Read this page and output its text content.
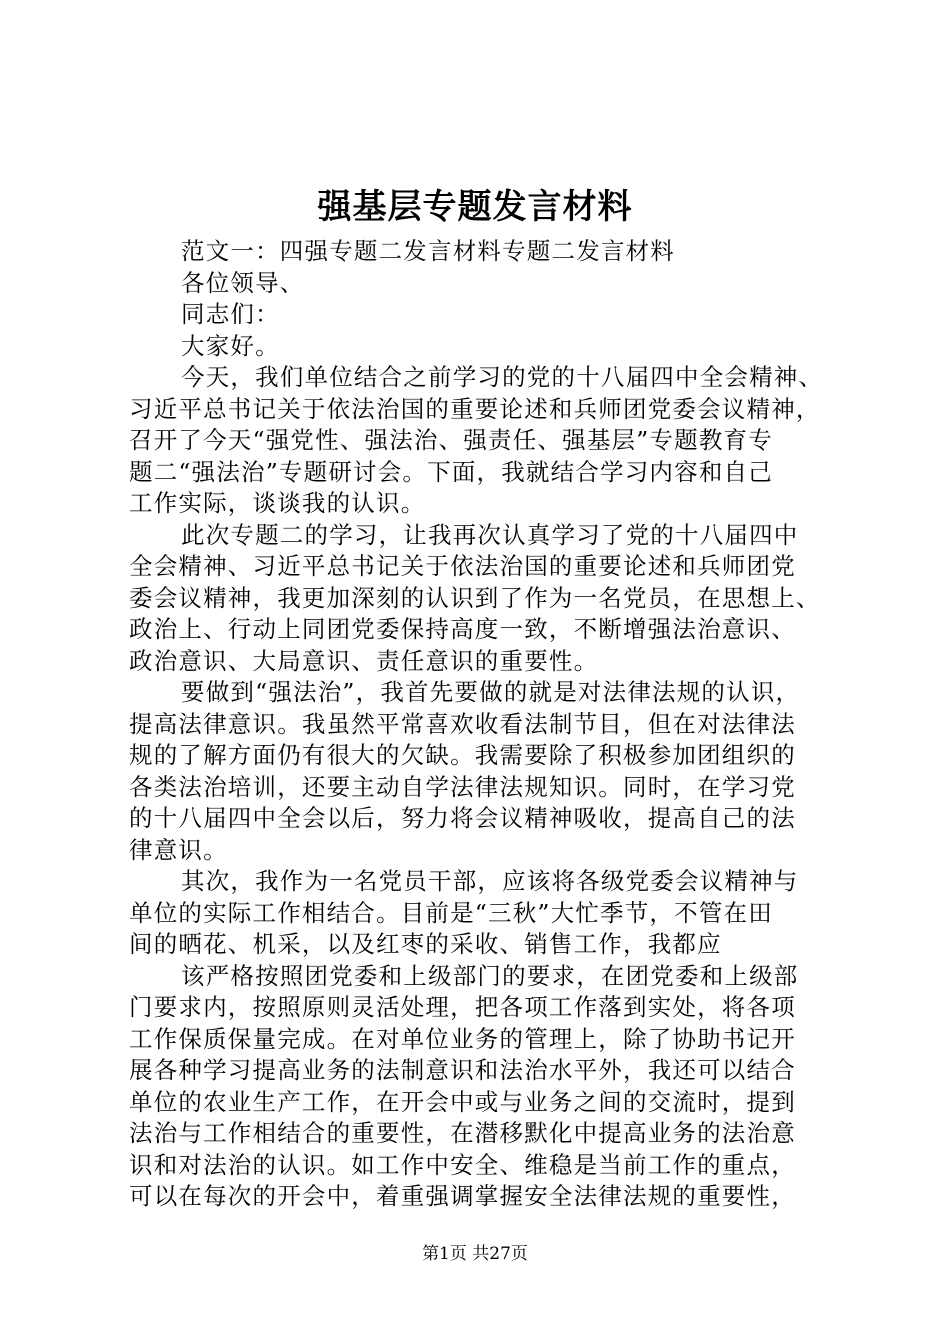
强基层专题发言材料
范文一：四强专题二发言材料专题二发言材料
各位领导、
同志们：
大家好。
今天，我们单位结合之前学习的党的十八届四中全会精神、
习近平总书记关于依法治国的重要论述和兵师团党委会议精神，
召开了今天“强党性、强法治、强责任、强基层”专题教育专
题二“强法治”专题研讨会。下面，我就结合学习内容和自己
工作实际，谈谈我的认识。
此次专题二的学习，让我再次认真学习了党的十八届四中
全会精神、习近平总书记关于依法治国的重要论述和兵师团党
委会议精神，我更加深刻的认识到了作为一名党员，在思想上、
政治上、行动上同团党委保持高度一致，不断增强法治意识、
政治意识、大局意识、责任意识的重要性。
要做到“强法治”，我首先要做的就是对法律法规的认识，
提高法律意识。我虽然平常喜欢收看法制节目，但在对法律法
规的了解方面仍有很大的欠缺。我需要除了积极参加团组织的
各类法治培训，还要主动自学法律法规知识。同时，在学习党
的十八届四中全会以后，努力将会议精神吸收，提高自己的法
律意识。
其次，我作为一名党员干部，应该将各级党委会议精神与
单位的实际工作相结合。目前是“三秋”大忙季节，不管在田
间的晒花、机采，以及红枣的采收、销售工作，我都应
该严格按照团党委和上级部门的要求，在团党委和上级部
门要求内，按照原则灵活处理，把各项工作落到实处，将各项
工作保质保量完成。在对单位业务的管理上，除了协助书记开
展各种学习提高业务的法制意识和法治水平外，我还可以结合
单位的农业生产工作，在开会中或与业务之间的交流时，提到
法治与工作相结合的重要性，在潜移默化中提高业务的法治意
识和对法治的认识。如工作中安全、维稳是当前工作的重点，
可以在每次的开会中，着重强调掌握安全法律法规的重要性，
第1页 共27页
